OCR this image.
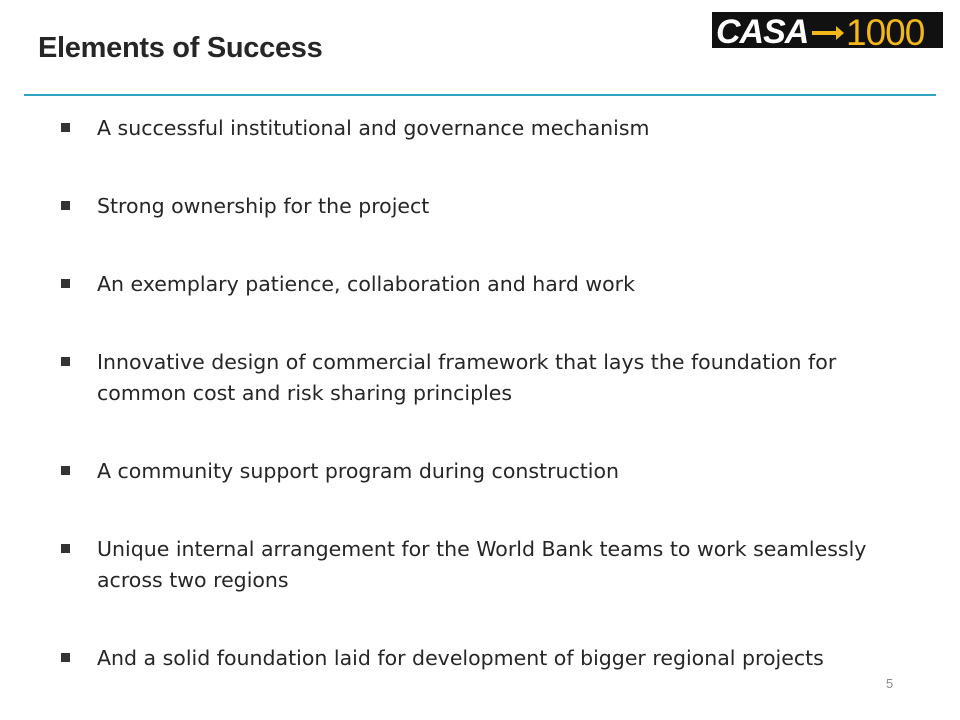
Elements of Success	CASA 1000
A successful institutional and governance mechanism
Strong ownership for the project
An exemplary patience, collaboration and hard work
Innovative design of commercial framework that lays the foundation for common cost and risk sharing principles
A community support program during construction
Unique internal arrangement for the World Bank teams to work seamlessly across two regions
And a solid foundation laid for development of bigger regional projects
5
